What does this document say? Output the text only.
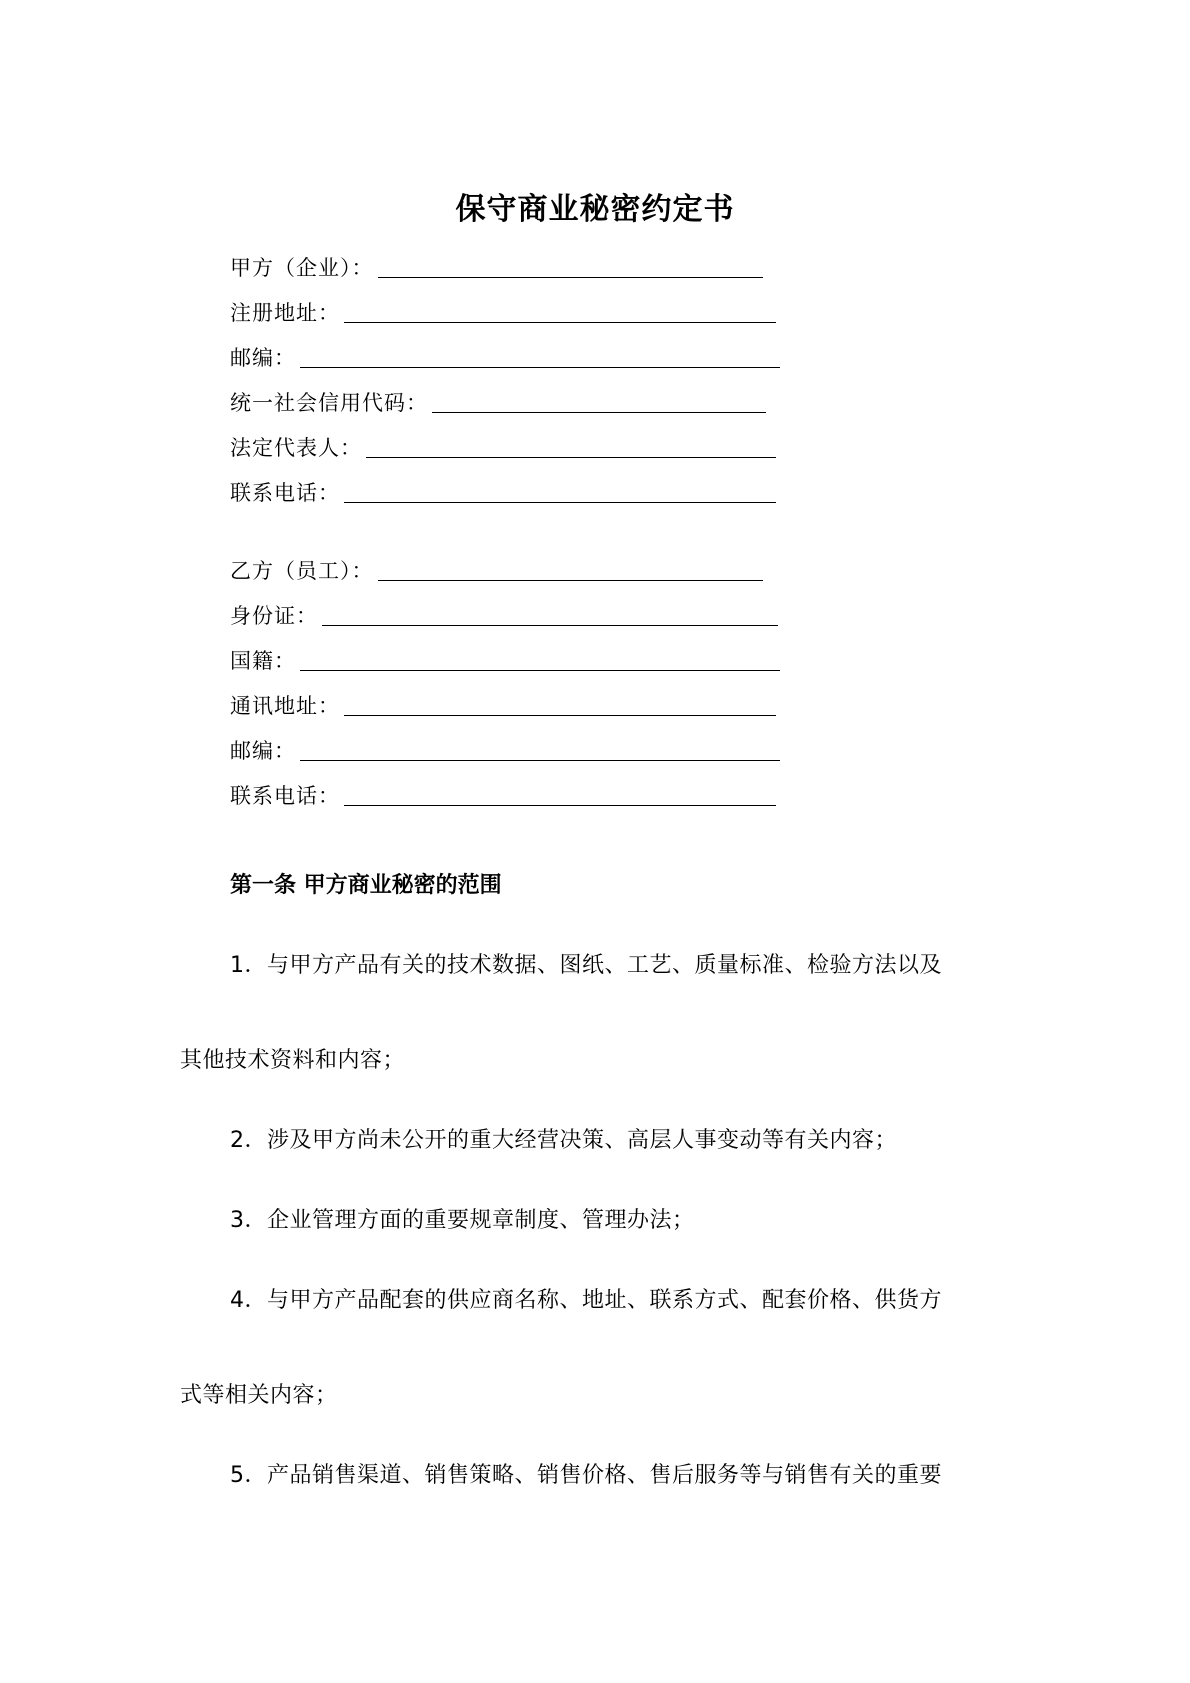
保守商业秘密约定书
甲方（企业）：
注册地址：
邮编：
统一社会信用代码：
法定代表人：
联系电话：
乙方（员工）：
身份证：
国籍：
通讯地址：
邮编：
联系电话：
第一条 甲方商业秘密的范围
1．与甲方产品有关的技术数据、图纸、工艺、质量标准、检验方法以及
其他技术资料和内容；
2．涉及甲方尚未公开的重大经营决策、高层人事变动等有关内容；
3．企业管理方面的重要规章制度、管理办法；
4．与甲方产品配套的供应商名称、地址、联系方式、配套价格、供货方
式等相关内容；
5．产品销售渠道、销售策略、销售价格、售后服务等与销售有关的重要
